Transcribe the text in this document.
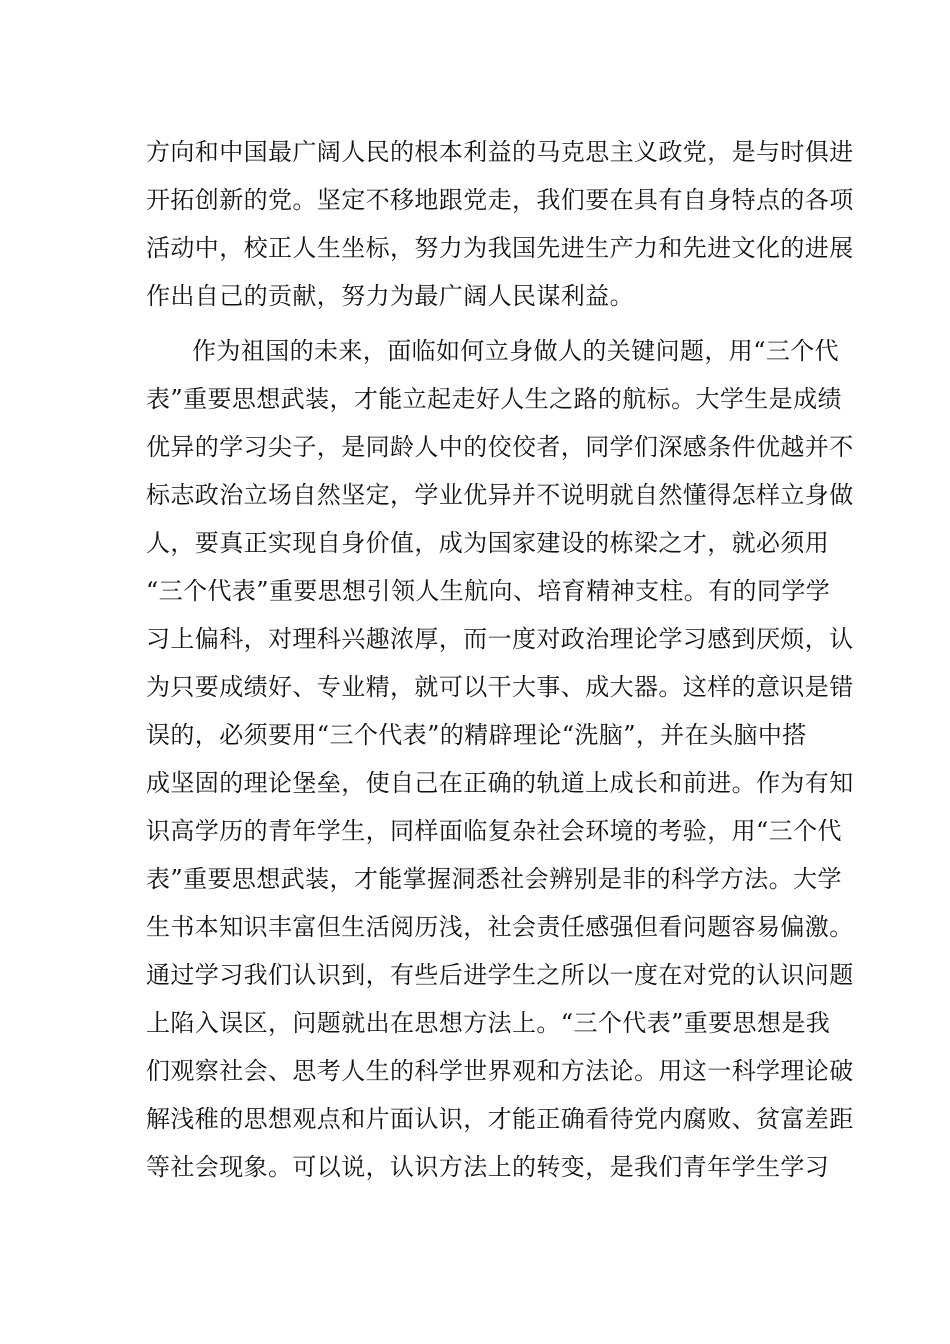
方向和中国最广阔人民的根本利益的马克思主义政党，是与时俱进
开拓创新的党。坚定不移地跟党走，我们要在具有自身特点的各项
活动中，校正人生坐标，努力为我国先进生产力和先进文化的进展
作出自己的贡献，努力为最广阔人民谋利益。
作为祖国的未来，面临如何立身做人的关键问题，用“三个代
表”重要思想武装，才能立起走好人生之路的航标。大学生是成绩
优异的学习尖子，是同龄人中的佼佼者，同学们深感条件优越并不
标志政治立场自然坚定，学业优异并不说明就自然懂得怎样立身做
人，要真正实现自身价值，成为国家建设的栋梁之才，就必须用
“三个代表”重要思想引领人生航向、培育精神支柱。有的同学学
习上偏科，对理科兴趣浓厚，而一度对政治理论学习感到厌烦，认
为只要成绩好、专业精，就可以干大事、成大器。这样的意识是错
误的，必须要用“三个代表”的精辟理论“洗脑”，并在头脑中搭
成坚固的理论堡垒，使自己在正确的轨道上成长和前进。作为有知
识高学历的青年学生，同样面临复杂社会环境的考验，用“三个代
表”重要思想武装，才能掌握洞悉社会辨别是非的科学方法。大学
生书本知识丰富但生活阅历浅，社会责任感强但看问题容易偏激。
通过学习我们认识到，有些后进学生之所以一度在对党的认识问题
上陷入误区，问题就出在思想方法上。“三个代表”重要思想是我
们观察社会、思考人生的科学世界观和方法论。用这一科学理论破
解浅稚的思想观点和片面认识，才能正确看待党内腐败、贫富差距
等社会现象。可以说，认识方法上的转变，是我们青年学生学习
